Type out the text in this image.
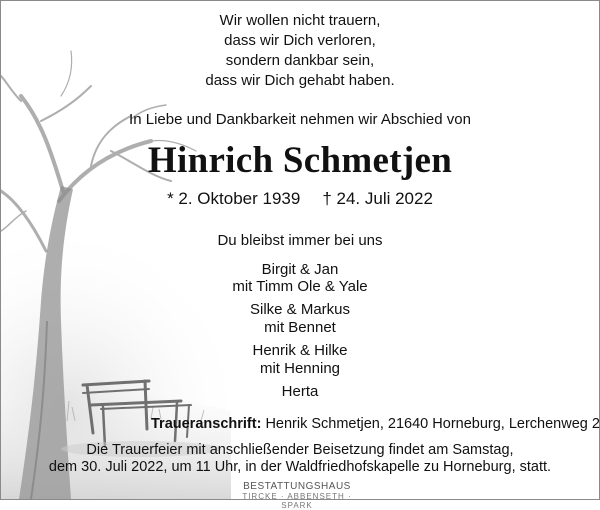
Wir wollen nicht trauern,
dass wir Dich verloren,
sondern dankbar sein,
dass wir Dich gehabt haben.
In Liebe und Dankbarkeit nehmen wir Abschied von
Hinrich Schmetjen
* 2. Oktober 1939 † 24. Juli 2022
Du bleibst immer bei uns
Birgit & Jan
mit Timm Ole & Yale
Silke & Markus
mit Bennet
Henrik & Hilke
mit Henning
Herta
Traueranschrift: Henrik Schmetjen, 21640 Horneburg, Lerchenweg 2
Die Trauerfeier mit anschließender Beisetzung findet am Samstag,
dem 30. Juli 2022, um 11 Uhr, in der Waldfriedhofskapelle zu Horneburg, statt.
BESTATTUNGSHAUS
TIRCKE · ABBENSETH · SPARK
